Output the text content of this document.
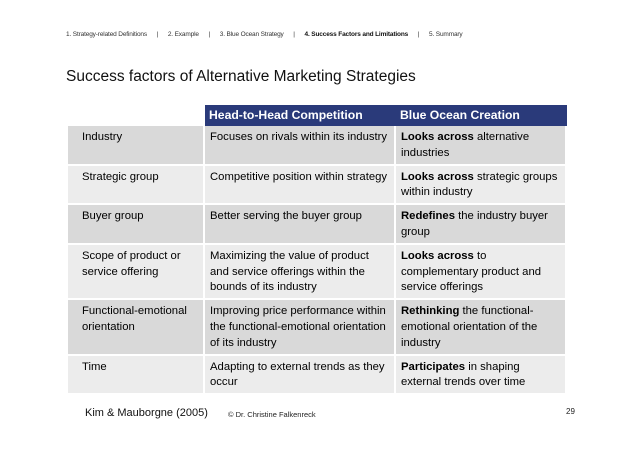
1. Strategy-related Definitions | 2. Example | 3. Blue Ocean Strategy | 4. Success Factors and Limitations | 5. Summary
Success factors of Alternative Marketing Strategies
	Head-to-Head Competition	Blue Ocean Creation
Industry	Focuses on rivals within its industry	Looks across alternative industries
Strategic group	Competitive position within strategy	Looks across strategic groups within industry
Buyer group	Better serving the buyer group	Redefines the industry buyer group
Scope of product or service offering	Maximizing the value of product and service offerings within the bounds of its industry	Looks across to complementary product and service offerings
Functional-emotional orientation	Improving price performance within the functional-emotional orientation of its industry	Rethinking the functional-emotional orientation of the industry
Time	Adapting to external trends as they occur	Participates in shaping external trends over time
Kim & Mauborgne (2005)	© Dr. Christine Falkenreck	29
